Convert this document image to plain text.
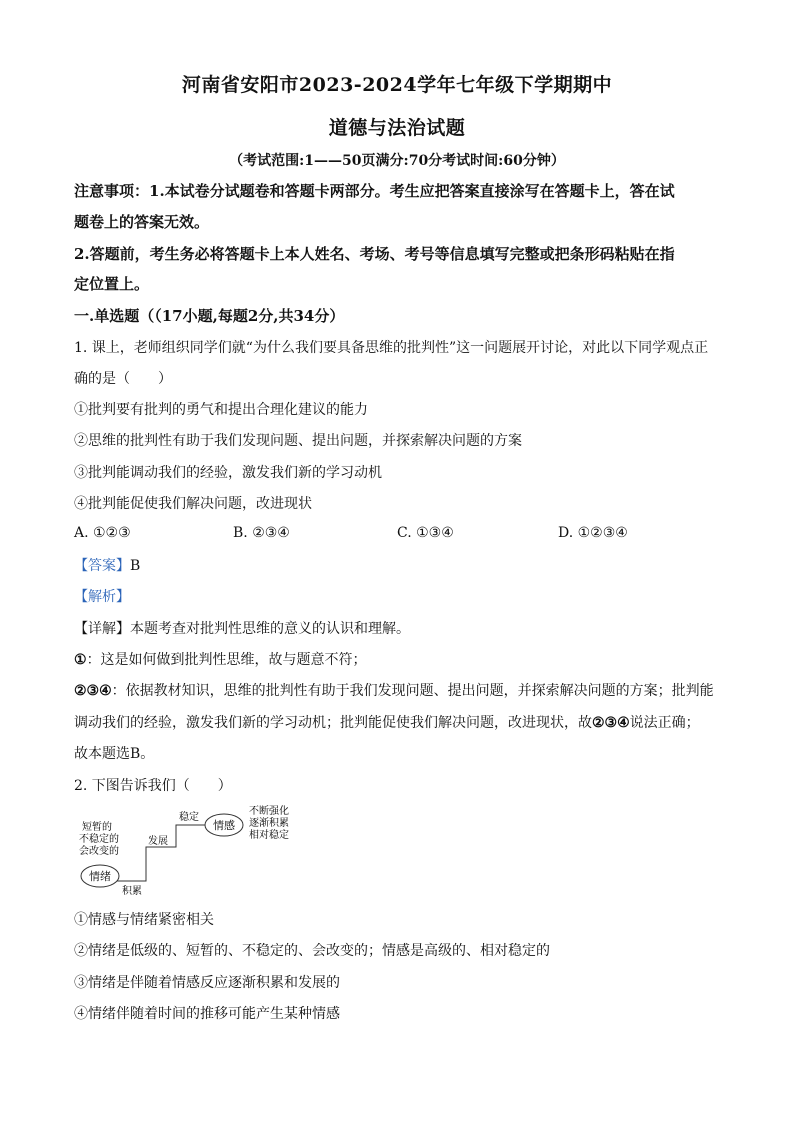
河南省安阳市2023-2024学年七年级下学期期中
道德与法治试题
（考试范围:1——50页满分:70分考试时间:60分钟）
注意事项：1.本试卷分试题卷和答题卡两部分。考生应把答案直接涂写在答题卡上，答在试
题卷上的答案无效。
2.答题前，考生务必将答题卡上本人姓名、考场、考号等信息填写完整或把条形码粘贴在指
定位置上。
一.单选题（（17小题,每题2分,共34分）
1. 课上，老师组织同学们就“为什么我们要具备思维的批判性”这一问题展开讨论，对此以下同学观点正
确的是（　　）
①批判要有批判的勇气和提出合理化建议的能力
②思维的批判性有助于我们发现问题、提出问题，并探索解决问题的方案
③批判能调动我们的经验，激发我们新的学习动机
④批判能促使我们解决问题，改进现状
A. ①②③	B. ②③④	C. ①③④	D. ①②③④
【答案】B
【解析】
【详解】本题考查对批判性思维的意义的认识和理解。
①：这是如何做到批判性思维，故与题意不符；
②③④：依据教材知识，思维的批判性有助于我们发现问题、提出问题，并探索解决问题的方案；批判能
调动我们的经验，激发我们新的学习动机；批判能促使我们解决问题，改进现状，故②③④说法正确；
故本题选B。
2. 下图告诉我们（　　）
情绪
情感
积累
发展
稳定
短暂的
不稳定的
会改变的
不断强化
逐渐积累
相对稳定
①情感与情绪紧密相关
②情绪是低级的、短暂的、不稳定的、会改变的；情感是高级的、相对稳定的
③情绪是伴随着情感反应逐渐积累和发展的
④情绪伴随着时间的推移可能产生某种情感
